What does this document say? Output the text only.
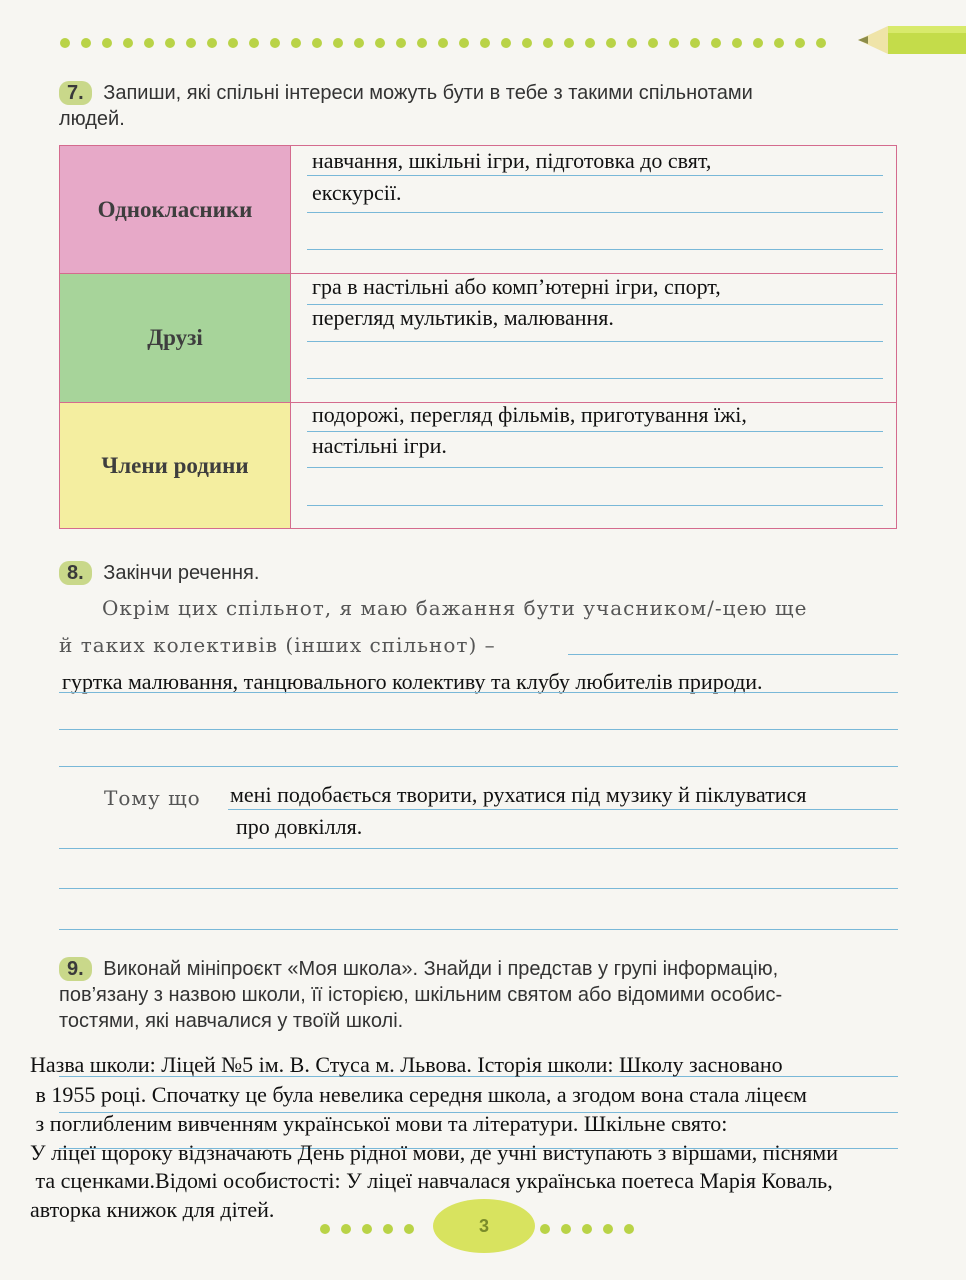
7. Запиши, які спільні інтереси можуть бути в тебе з такими спільнотами
людей.
Однокласники
Друзі
Члени родини
навчання, шкільні ігри, підготовка до свят,
екскурсії.
гра в настільні або комп’ютерні ігри, спорт,
перегляд мультиків, малювання.
подорожі, перегляд фільмів, приготування їжі,
настільні ігри.
8. Закінчи речення.
Окрім цих спільнот, я маю бажання бути учасником/-цею ще
й таких колективів (інших спільнот) –
гуртка малювання, танцювального колективу та клубу любителів природи.
Тому що мені подобається творити, рухатися під музику й піклуватися
про довкілля.
9. Виконай мініпроєкт «Моя школа». Знайди і представ у групі інформацію,
пов’язану з назвою школи, її історією, шкільним святом або відомими особис-
тостями, які навчалися у твоїй школі.
Назва школи: Ліцей №5 ім. В. Стуса м. Львова. Історія школи: Школу засновано
в 1955 році. Спочатку це була невелика середня школа, а згодом вона стала ліцеєм
з поглибленим вивченням української мови та літератури. Шкільне свято:
У ліцеї щороку відзначають День рідної мови, де учні виступають з віршами, піснями
та сценками.Відомі особистості: У ліцеї навчалася українська поетеса Марія Коваль,
авторка книжок для дітей.
3
